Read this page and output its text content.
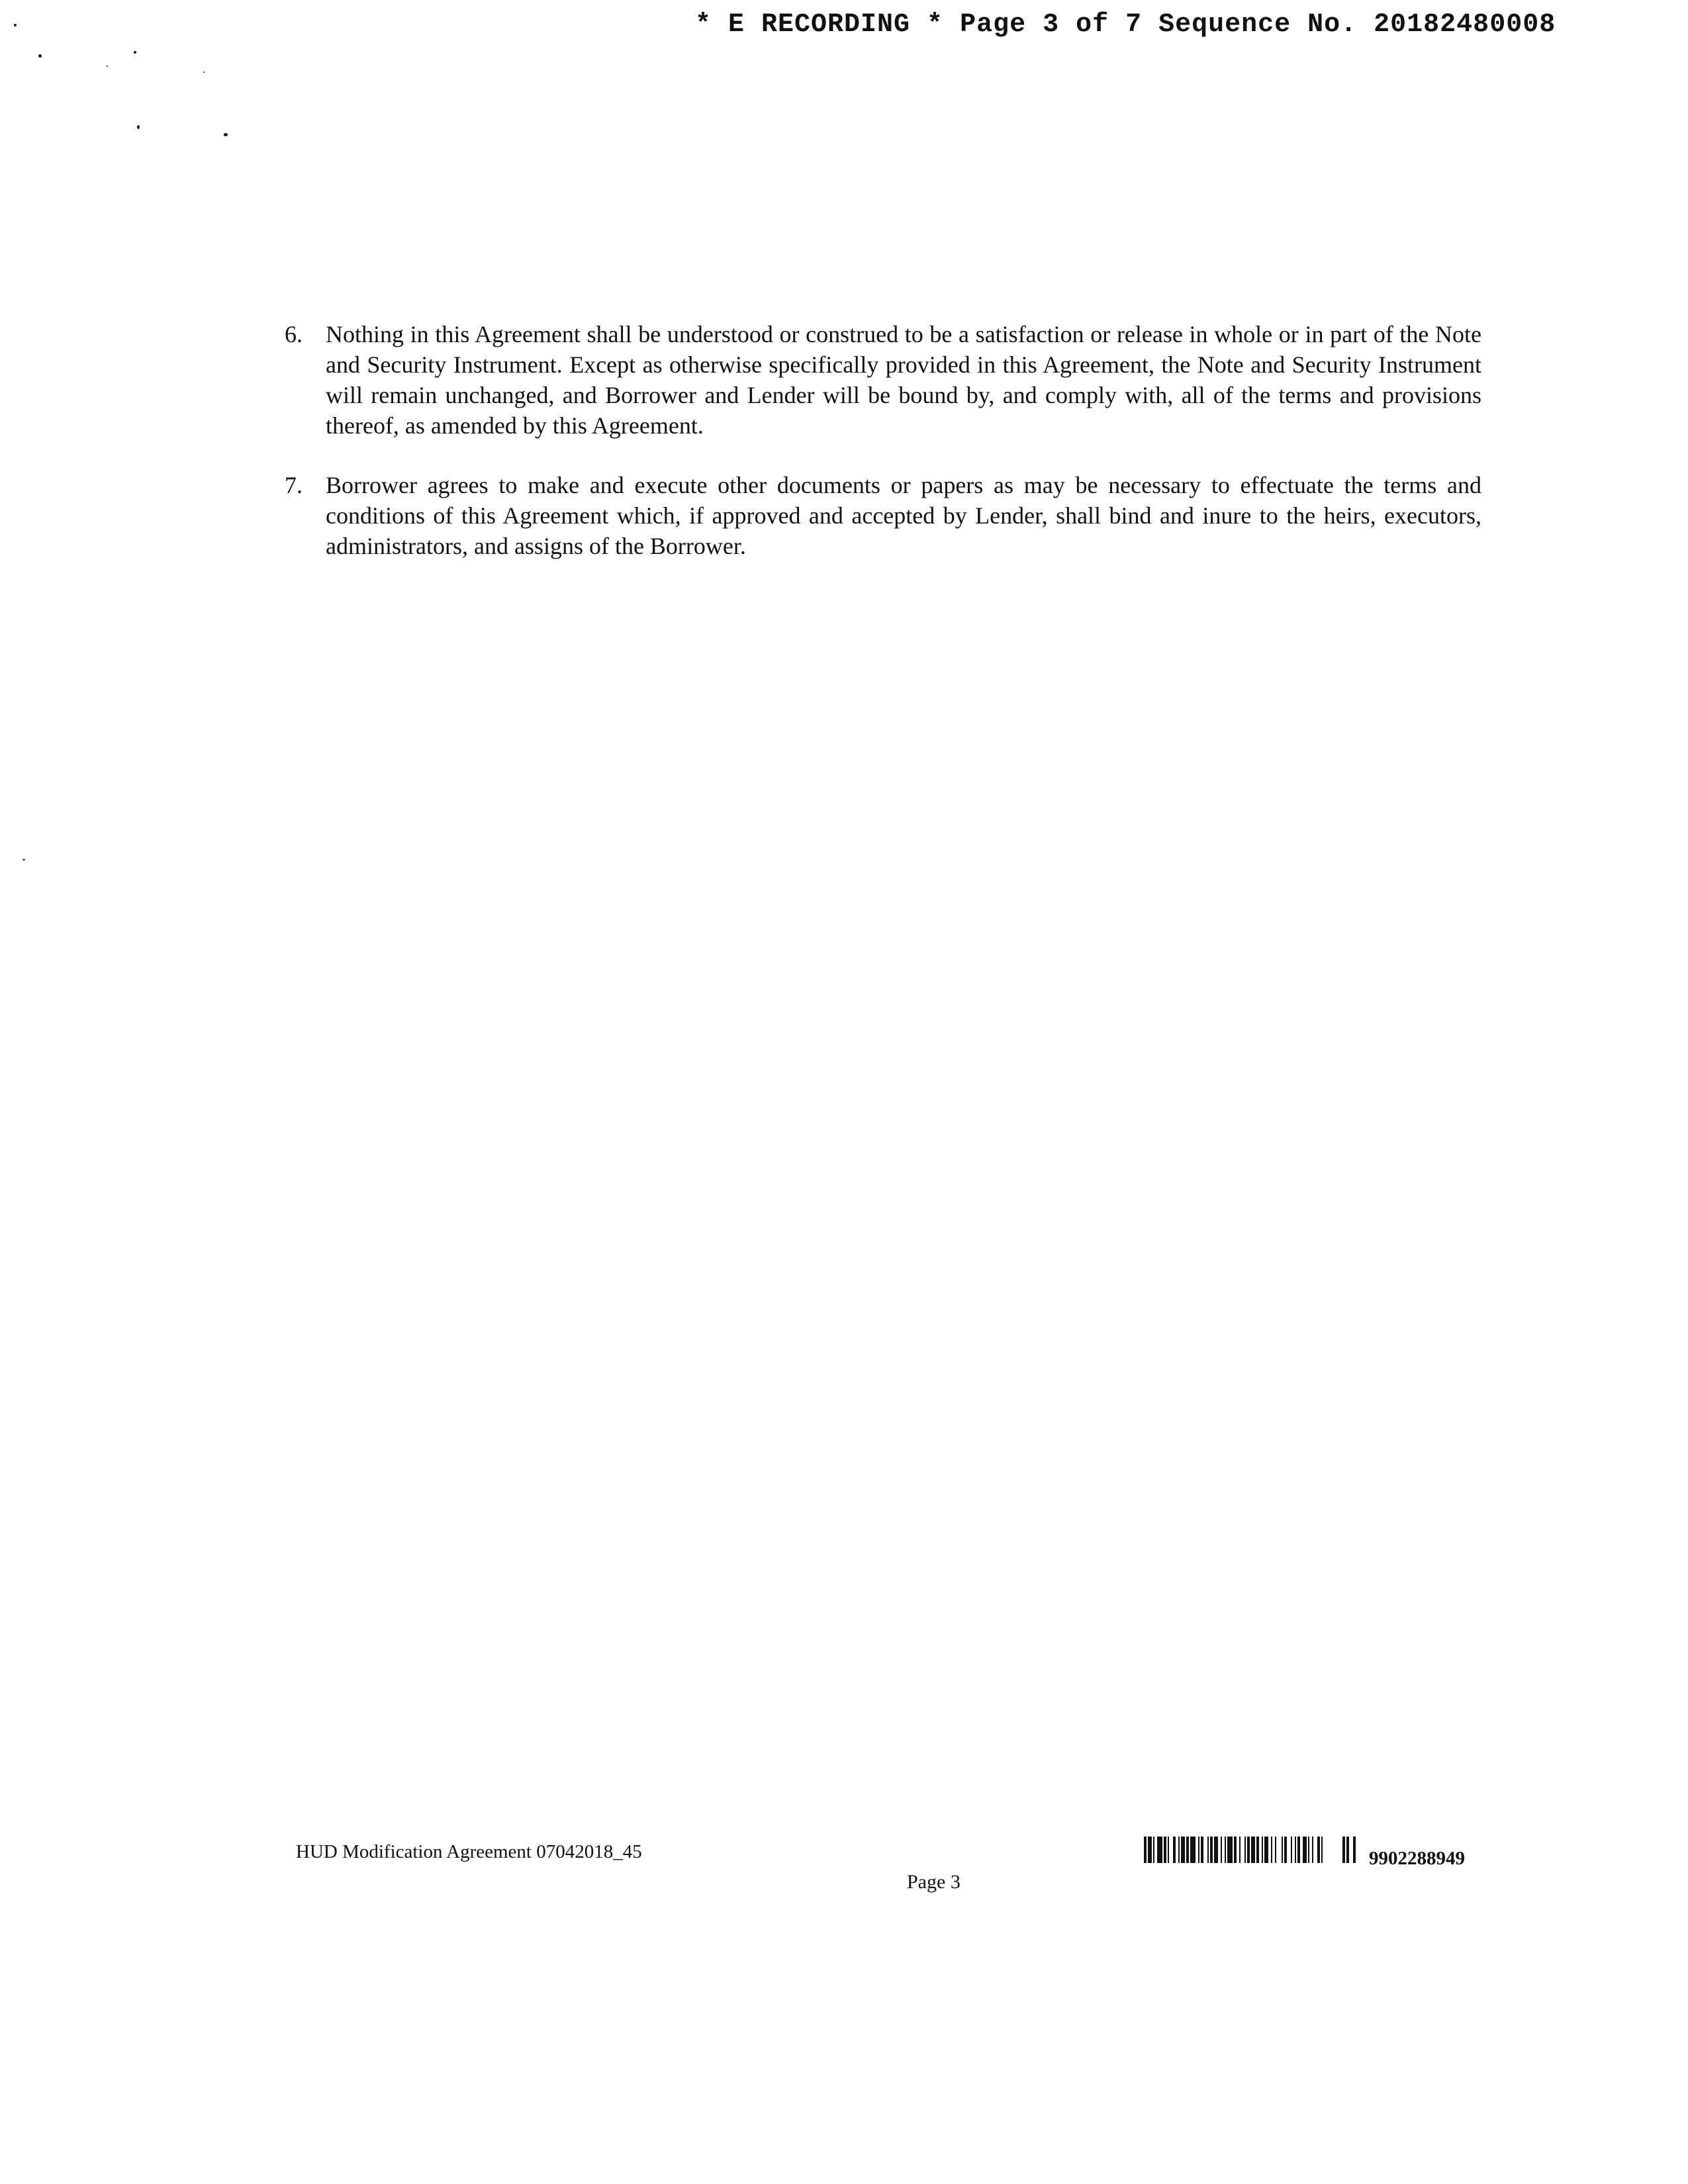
* E RECORDING * Page 3 of 7 Sequence No. 20182480008
6. Nothing in this Agreement shall be understood or construed to be a satisfaction or release in whole or in part of the Note and Security Instrument. Except as otherwise specifically provided in this Agreement, the Note and Security Instrument will remain unchanged, and Borrower and Lender will be bound by, and comply with, all of the terms and provisions thereof, as amended by this Agreement.
7. Borrower agrees to make and execute other documents or papers as may be necessary to effectuate the terms and conditions of this Agreement which, if approved and accepted by Lender, shall bind and inure to the heirs, executors, administrators, and assigns of the Borrower.
HUD Modification Agreement 07042018_45	9902288949
Page 3
